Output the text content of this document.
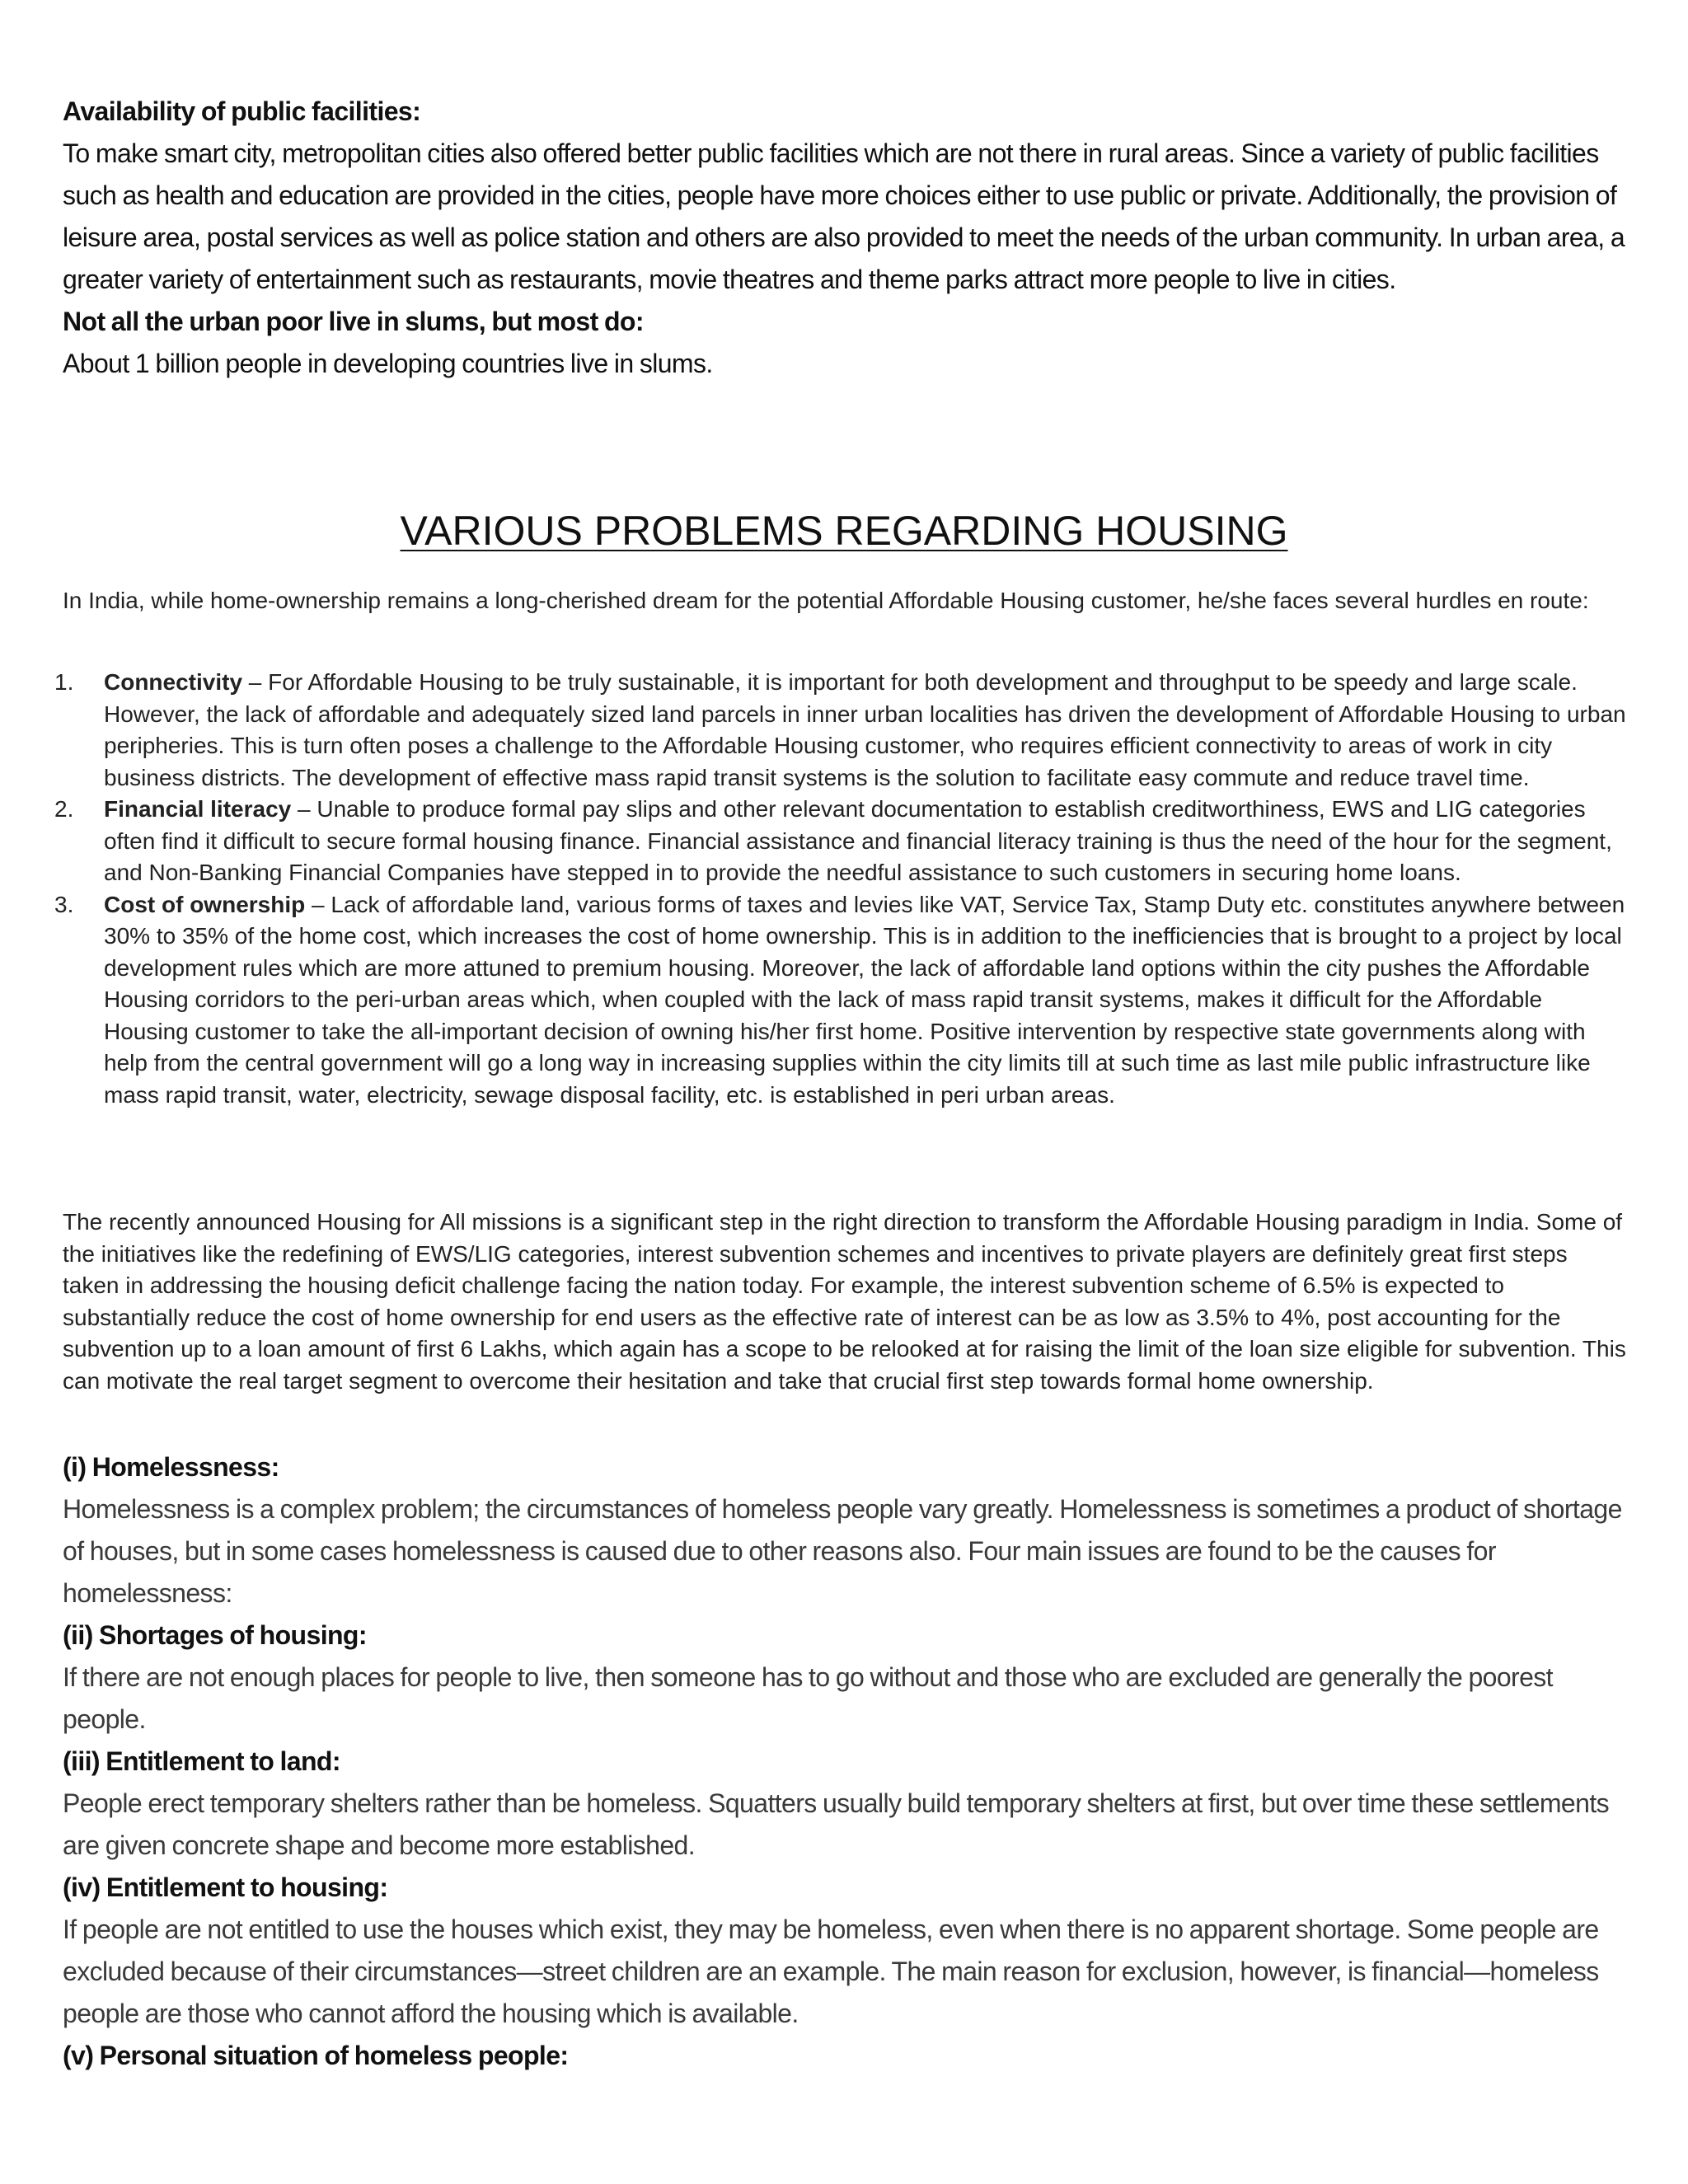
Availability of public facilities:

To make smart city, metropolitan cities also offered better public facilities which are not there in rural areas. Since a variety of public facilities such as health and education are provided in the cities, people have more choices either to use public or private. Additionally, the provision of leisure area, postal services as well as police station and others are also provided to meet the needs of the urban community. In urban area, a greater variety of entertainment such as restaurants, movie theatres and theme parks attract more people to live in cities.

Not all the urban poor live in slums, but most do:

About 1 billion people in developing countries live in slums.

VARIOUS PROBLEMS REGARDING HOUSING
In India, while home-ownership remains a long-cherished dream for the potential Affordable Housing customer, he/she faces several hurdles en route:
1. Connectivity – For Affordable Housing to be truly sustainable, it is important for both development and throughput to be speedy and large scale. However, the lack of affordable and adequately sized land parcels in inner urban localities has driven the development of Affordable Housing to urban peripheries. This is turn often poses a challenge to the Affordable Housing customer, who requires efficient connectivity to areas of work in city business districts. The development of effective mass rapid transit systems is the solution to facilitate easy commute and reduce travel time.
2. Financial literacy – Unable to produce formal pay slips and other relevant documentation to establish creditworthiness, EWS and LIG categories often find it difficult to secure formal housing finance. Financial assistance and financial literacy training is thus the need of the hour for the segment, and Non-Banking Financial Companies have stepped in to provide the needful assistance to such customers in securing home loans.
3. Cost of ownership – Lack of affordable land, various forms of taxes and levies like VAT, Service Tax, Stamp Duty etc. constitutes anywhere between 30% to 35% of the home cost, which increases the cost of home ownership. This is in addition to the inefficiencies that is brought to a project by local development rules which are more attuned to premium housing. Moreover, the lack of affordable land options within the city pushes the Affordable Housing corridors to the peri-urban areas which, when coupled with the lack of mass rapid transit systems, makes it difficult for the Affordable Housing customer to take the all-important decision of owning his/her first home. Positive intervention by respective state governments along with help from the central government will go a long way in increasing supplies within the city limits till at such time as last mile public infrastructure like mass rapid transit, water, electricity, sewage disposal facility, etc. is established in peri urban areas.
The recently announced Housing for All missions is a significant step in the right direction to transform the Affordable Housing paradigm in India. Some of the initiatives like the redefining of EWS/LIG categories, interest subvention schemes and incentives to private players are definitely great first steps taken in addressing the housing deficit challenge facing the nation today. For example, the interest subvention scheme of 6.5% is expected to substantially reduce the cost of home ownership for end users as the effective rate of interest can be as low as 3.5% to 4%, post accounting for the subvention up to a loan amount of first 6 Lakhs, which again has a scope to be relooked at for raising the limit of the loan size eligible for subvention. This can motivate the real target segment to overcome their hesitation and take that crucial first step towards formal home ownership.

(i) Homelessness:

Homelessness is a complex problem; the circumstances of homeless people vary greatly. Homelessness is sometimes a product of shortage of houses, but in some cases homelessness is caused due to other reasons also. Four main issues are found to be the causes for homelessness:

(ii) Shortages of housing:

If there are not enough places for people to live, then someone has to go without and those who are excluded are generally the poorest people.

(iii) Entitlement to land:

People erect temporary shelters rather than be homeless. Squatters usually build temporary shelters at first, but over time these settlements are given concrete shape and become more established.

(iv) Entitlement to housing:

If people are not entitled to use the houses which exist, they may be homeless, even when there is no apparent shortage. Some people are excluded because of their circumstances—street children are an example. The main reason for exclusion, however, is financial—homeless people are those who cannot afford the housing which is available.

(v) Personal situation of homeless people:
